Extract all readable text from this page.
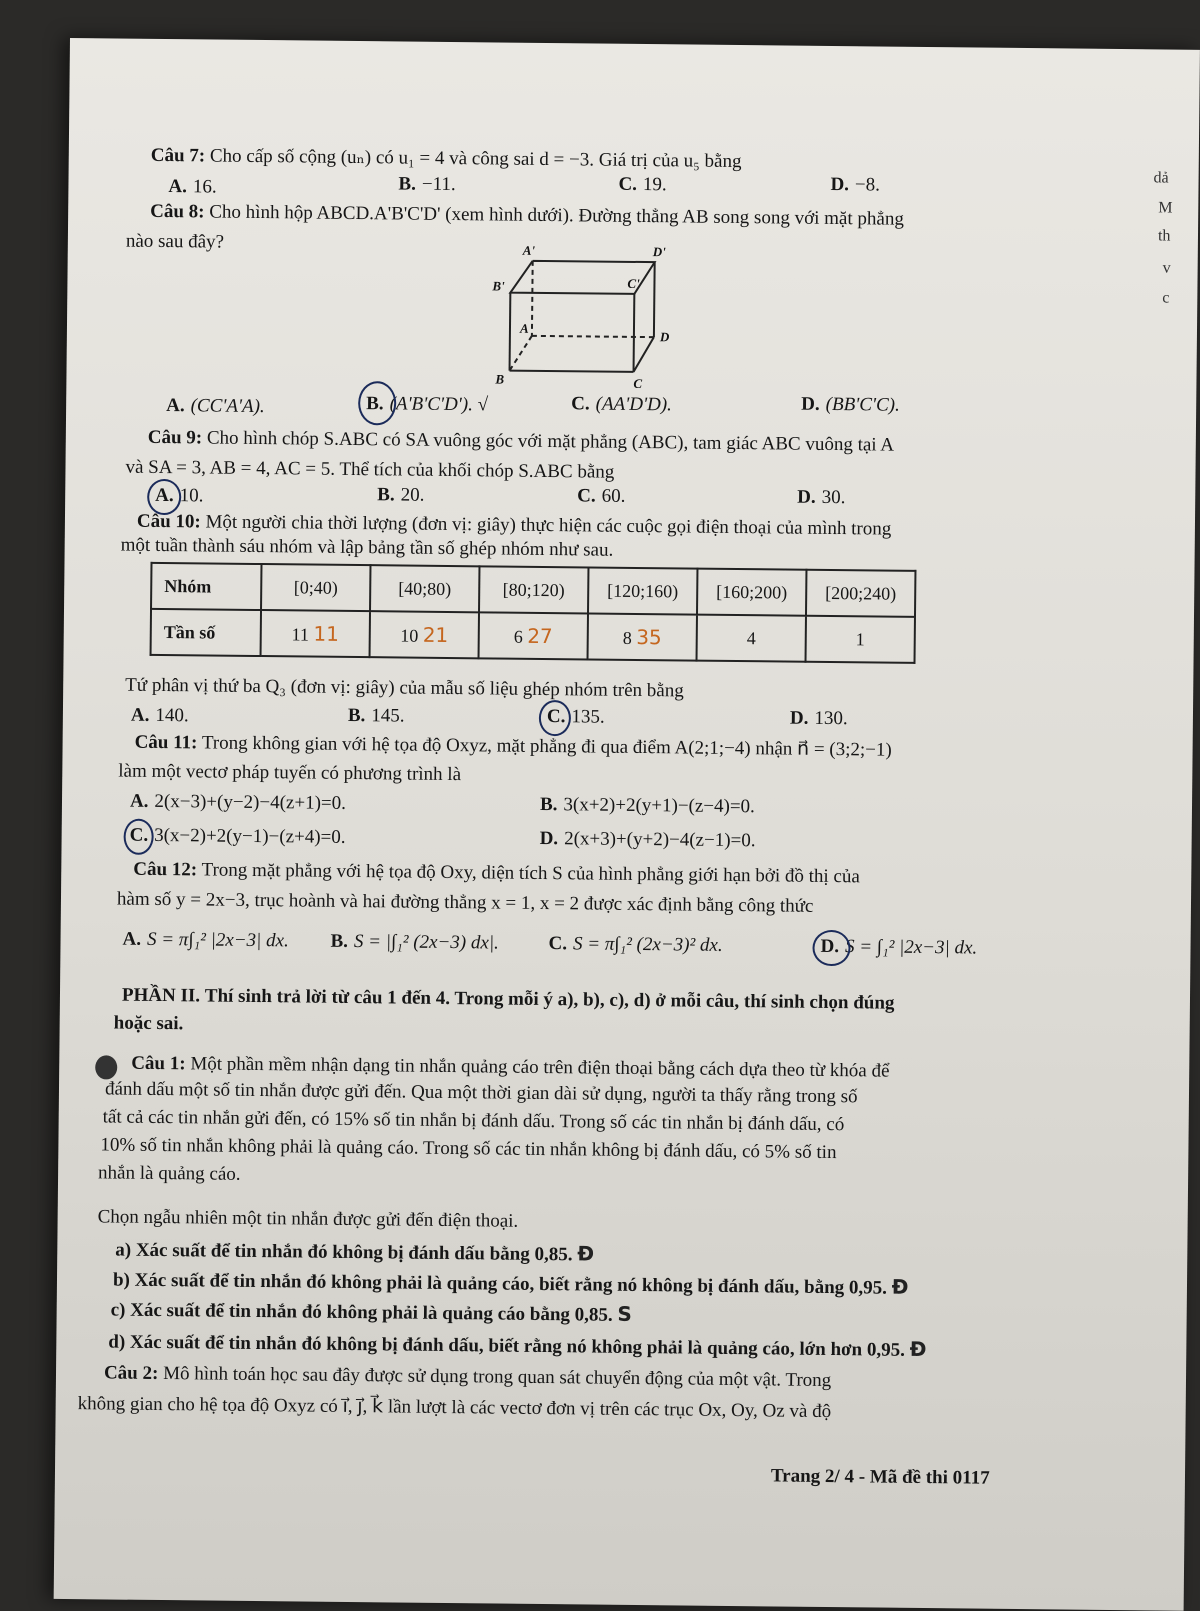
dả
M
th
v
c
Câu 7: Cho cấp số cộng (uₙ) có u₁ = 4 và công sai d = −3. Giá trị của u₅ bằng
A. 16.	B. −11.	C. 19.	D. −8.
Câu 8: Cho hình hộp ABCD.A'B'C'D' (xem hình dưới). Đường thẳng AB song song với mặt phẳng
nào sau đây?	A'	D'
B'	C'
A
D
B	C
A. (CC'A'A).	B. (A'B'C'D'). √	C. (AA'D'D).	D. (BB'C'C).
Câu 9: Cho hình chóp S.ABC có SA vuông góc với mặt phẳng (ABC), tam giác ABC vuông tại A
và SA = 3, AB = 4, AC = 5. Thể tích của khối chóp S.ABC bằng
A. 10.	B. 20.	C. 60.	D. 30.
Câu 10: Một người chia thời lượng (đơn vị: giây) thực hiện các cuộc gọi điện thoại của mình trong
một tuần thành sáu nhóm và lập bảng tần số ghép nhóm như sau.
Nhóm	[0;40)	[40;80)	[80;120)	[120;160)	[160;200)	[200;240)
Tần số	11 11	10 21	6 27	8 35	4	1
Tứ phân vị thứ ba Q₃ (đơn vị: giây) của mẫu số liệu ghép nhóm trên bằng
A. 140.	B. 145.	C. 135.	D. 130.
Câu 11: Trong không gian với hệ tọa độ Oxyz, mặt phẳng đi qua điểm A(2;1;−4) nhận n⃗ = (3;2;−1)
làm một vectơ pháp tuyến có phương trình là
A. 2(x−3)+(y−2)−4(z+1)=0.	B. 3(x+2)+2(y+1)−(z−4)=0.
C. 3(x−2)+2(y−1)−(z+4)=0.	D. 2(x+3)+(y+2)−4(z−1)=0.
Câu 12: Trong mặt phẳng với hệ tọa độ Oxy, diện tích S của hình phẳng giới hạn bởi đồ thị của
hàm số y = 2x−3, trục hoành và hai đường thẳng x = 1, x = 2 được xác định bằng công thức
A. S = π∫₁² |2x−3| dx. B. S = |∫₁² (2x−3) dx|.	C. S = π∫₁² (2x−3)² dx.	D. S = ∫₁² |2x−3| dx.
PHẦN II. Thí sinh trả lời từ câu 1 đến 4. Trong mỗi ý a), b), c), d) ở mỗi câu, thí sinh chọn đúng
hoặc sai.
Câu 1: Một phần mềm nhận dạng tin nhắn quảng cáo trên điện thoại bằng cách dựa theo từ khóa để
đánh dấu một số tin nhắn được gửi đến. Qua một thời gian dài sử dụng, người ta thấy rằng trong số
tất cả các tin nhắn gửi đến, có 15% số tin nhắn bị đánh dấu. Trong số các tin nhắn bị đánh dấu, có
10% số tin nhắn không phải là quảng cáo. Trong số các tin nhắn không bị đánh dấu, có 5% số tin
nhắn là quảng cáo.
Chọn ngẫu nhiên một tin nhắn được gửi đến điện thoại.
a) Xác suất để tin nhắn đó không bị đánh dấu bằng 0,85. Đ
b) Xác suất để tin nhắn đó không phải là quảng cáo, biết rằng nó không bị đánh dấu, bằng 0,95. Đ
c) Xác suất để tin nhắn đó không phải là quảng cáo bằng 0,85. S
d) Xác suất để tin nhắn đó không bị đánh dấu, biết rằng nó không phải là quảng cáo, lớn hơn 0,95. Đ
Câu 2: Mô hình toán học sau đây được sử dụng trong quan sát chuyển động của một vật. Trong
không gian cho hệ tọa độ Oxyz có i⃗, j⃗, k⃗ lần lượt là các vectơ đơn vị trên các trục Ox, Oy, Oz và độ
Trang 2/ 4 - Mã đề thi 0117
